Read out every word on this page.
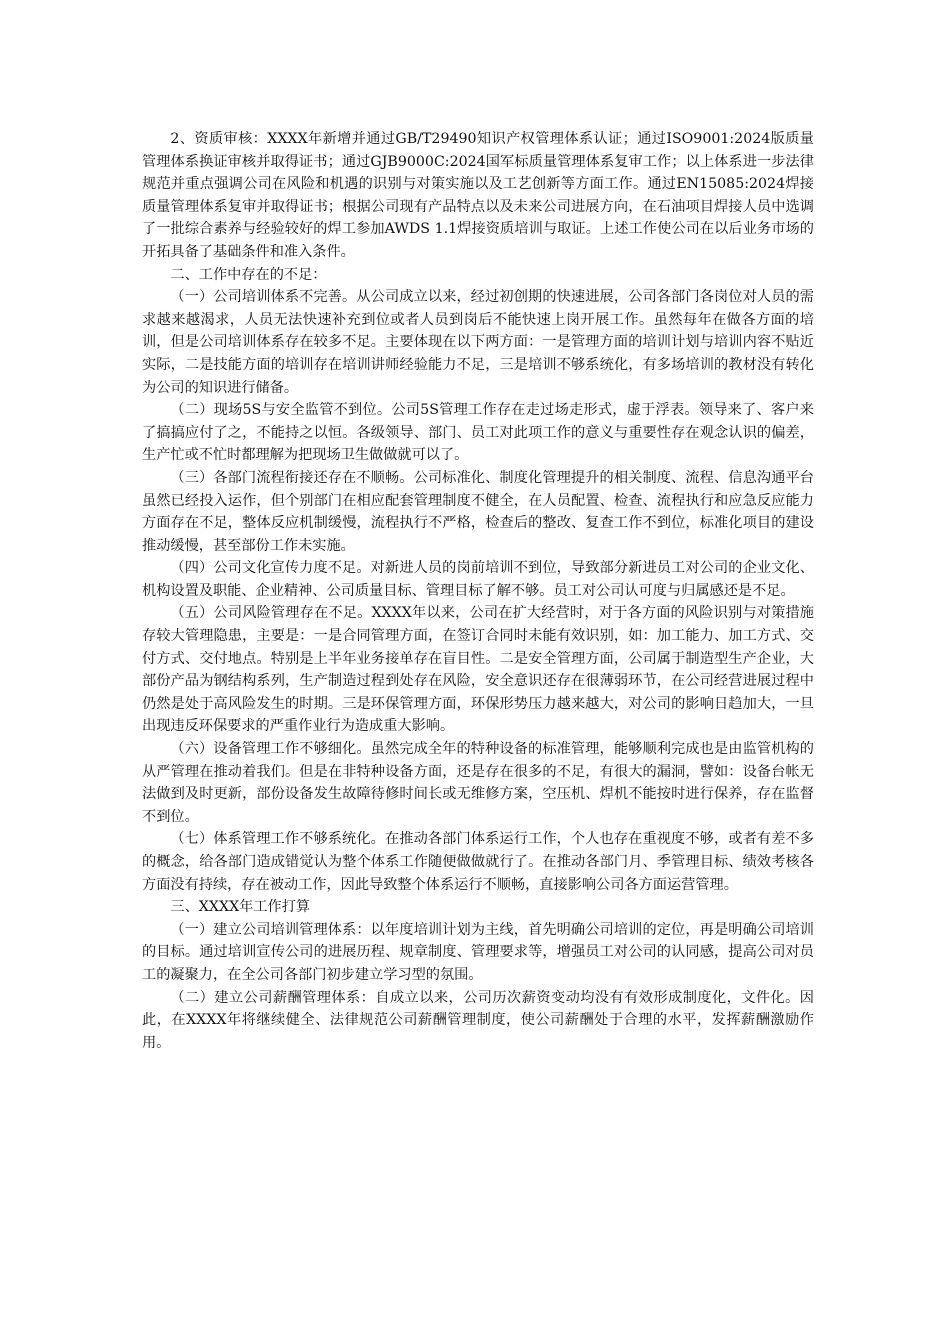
2、资质审核：XXXX年新增并通过GB/T29490知识产权管理体系认证；通过ISO9001:2024版质量管理体系换证审核并取得证书；通过GJB9000C:2024国军标质量管理体系复审工作；以上体系进一步法律规范并重点强调公司在风险和机遇的识别与对策实施以及工艺创新等方面工作。通过EN15085:2024焊接质量管理体系复审并取得证书；根据公司现有产品特点以及未来公司进展方向，在石油项目焊接人员中选调了一批综合素养与经验较好的焊工参加AWDS 1.1焊接资质培训与取证。上述工作使公司在以后业务市场的开拓具备了基础条件和准入条件。

二、工作中存在的不足：

（一）公司培训体系不完善。从公司成立以来，经过初创期的快速进展，公司各部门各岗位对人员的需求越来越渴求，人员无法快速补充到位或者人员到岗后不能快速上岗开展工作。虽然每年在做各方面的培训，但是公司培训体系存在较多不足。主要体现在以下两方面：一是管理方面的培训计划与培训内容不贴近实际，二是技能方面的培训存在培训讲师经验能力不足，三是培训不够系统化，有多场培训的教材没有转化为公司的知识进行储备。

（二）现场5S与安全监管不到位。公司5S管理工作存在走过场走形式，虚于浮表。领导来了、客户来了搞搞应付了之，不能持之以恒。各级领导、部门、员工对此项工作的意义与重要性存在观念认识的偏差，生产忙或不忙时都理解为把现场卫生做做就可以了。

（三）各部门流程衔接还存在不顺畅。公司标准化、制度化管理提升的相关制度、流程、信息沟通平台虽然已经投入运作，但个别部门在相应配套管理制度不健全，在人员配置、检查、流程执行和应急反应能力方面存在不足，整体反应机制缓慢，流程执行不严格，检查后的整改、复查工作不到位，标准化项目的建设推动缓慢，甚至部份工作未实施。

（四）公司文化宣传力度不足。对新进人员的岗前培训不到位，导致部分新进员工对公司的企业文化、机构设置及职能、企业精神、公司质量目标、管理目标了解不够。员工对公司认可度与归属感还是不足。

（五）公司风险管理存在不足。XXXX年以来，公司在扩大经营时，对于各方面的风险识别与对策措施存较大管理隐患，主要是：一是合同管理方面，在签订合同时未能有效识别，如：加工能力、加工方式、交付方式、交付地点。特别是上半年业务接单存在盲目性。二是安全管理方面，公司属于制造型生产企业，大部份产品为钢结构系列，生产制造过程到处存在风险，安全意识还存在很薄弱环节，在公司经营进展过程中仍然是处于高风险发生的时期。三是环保管理方面，环保形势压力越来越大，对公司的影响日趋加大，一旦出现违反环保要求的严重作业行为造成重大影响。

（六）设备管理工作不够细化。虽然完成全年的特种设备的标准管理，能够顺利完成也是由监管机构的从严管理在推动着我们。但是在非特种设备方面，还是存在很多的不足，有很大的漏洞，譬如：设备台帐无法做到及时更新，部份设备发生故障待修时间长或无维修方案，空压机、焊机不能按时进行保养，存在监督不到位。

（七）体系管理工作不够系统化。在推动各部门体系运行工作，个人也存在重视度不够，或者有差不多的概念，给各部门造成错觉认为整个体系工作随便做做就行了。在推动各部门月、季管理目标、绩效考核各方面没有持续，存在被动工作，因此导致整个体系运行不顺畅，直接影响公司各方面运营管理。

三、XXXX年工作打算

（一）建立公司培训管理体系：以年度培训计划为主线，首先明确公司培训的定位，再是明确公司培训的目标。通过培训宣传公司的进展历程、规章制度、管理要求等，增强员工对公司的认同感，提高公司对员工的凝聚力，在全公司各部门初步建立学习型的氛围。

（二）建立公司薪酬管理体系：自成立以来，公司历次薪资变动均没有有效形成制度化，文件化。因此，在XXXX年将继续健全、法律规范公司薪酬管理制度，使公司薪酬处于合理的水平，发挥薪酬激励作用。
